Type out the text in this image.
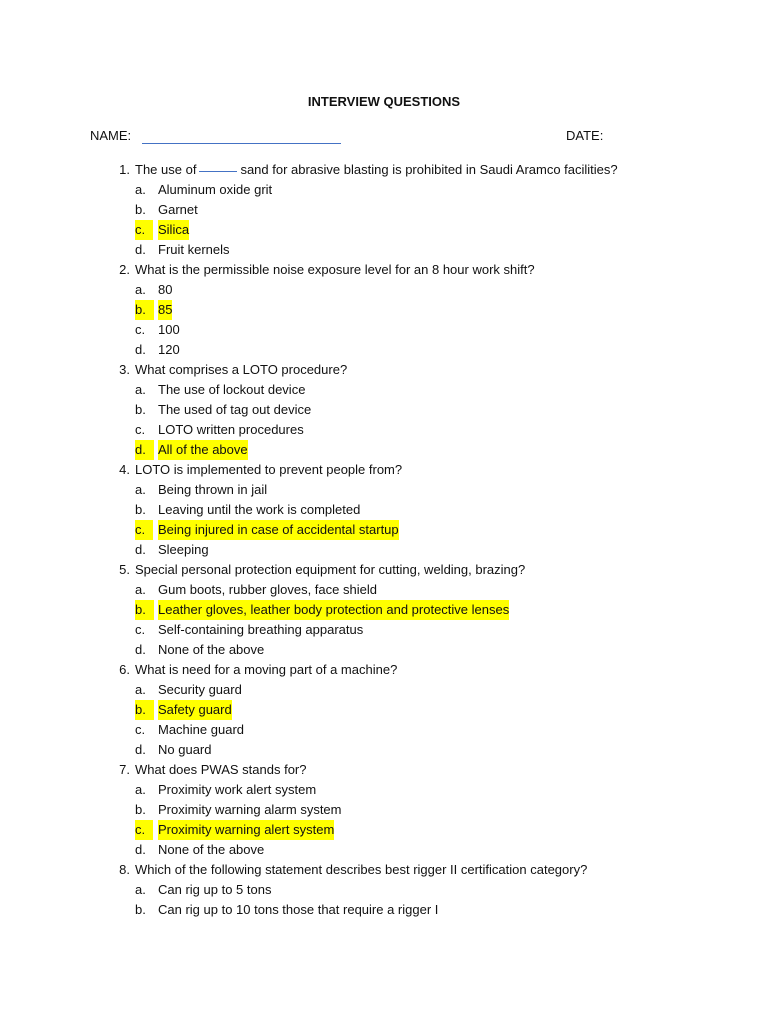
INTERVIEW QUESTIONS
NAME:	DATE:
1. The use of	sand for abrasive blasting is prohibited in Saudi Aramco facilities?
a. Aluminum oxide grit
b. Garnet
c. Silica
d. Fruit kernels
2. What is the permissible noise exposure level for an 8 hour work shift?
a. 80
b. 85
c. 100
d. 120
3. What comprises a LOTO procedure?
a. The use of lockout device
b. The used of tag out device
c. LOTO written procedures
d. All of the above
4. LOTO is implemented to prevent people from?
a. Being thrown in jail
b. Leaving until the work is completed
c. Being injured in case of accidental startup
d. Sleeping
5. Special personal protection equipment for cutting, welding, brazing?
a. Gum boots, rubber gloves, face shield
b. Leather gloves, leather body protection and protective lenses
c. Self-containing breathing apparatus
d. None of the above
6. What is need for a moving part of a machine?
a. Security guard
b. Safety guard
c. Machine guard
d. No guard
7. What does PWAS stands for?
a. Proximity work alert system
b. Proximity warning alarm system
c. Proximity warning alert system
d. None of the above
8. Which of the following statement describes best rigger II certification category?
a. Can rig up to 5 tons
b. Can rig up to 10 tons those that require a rigger I
